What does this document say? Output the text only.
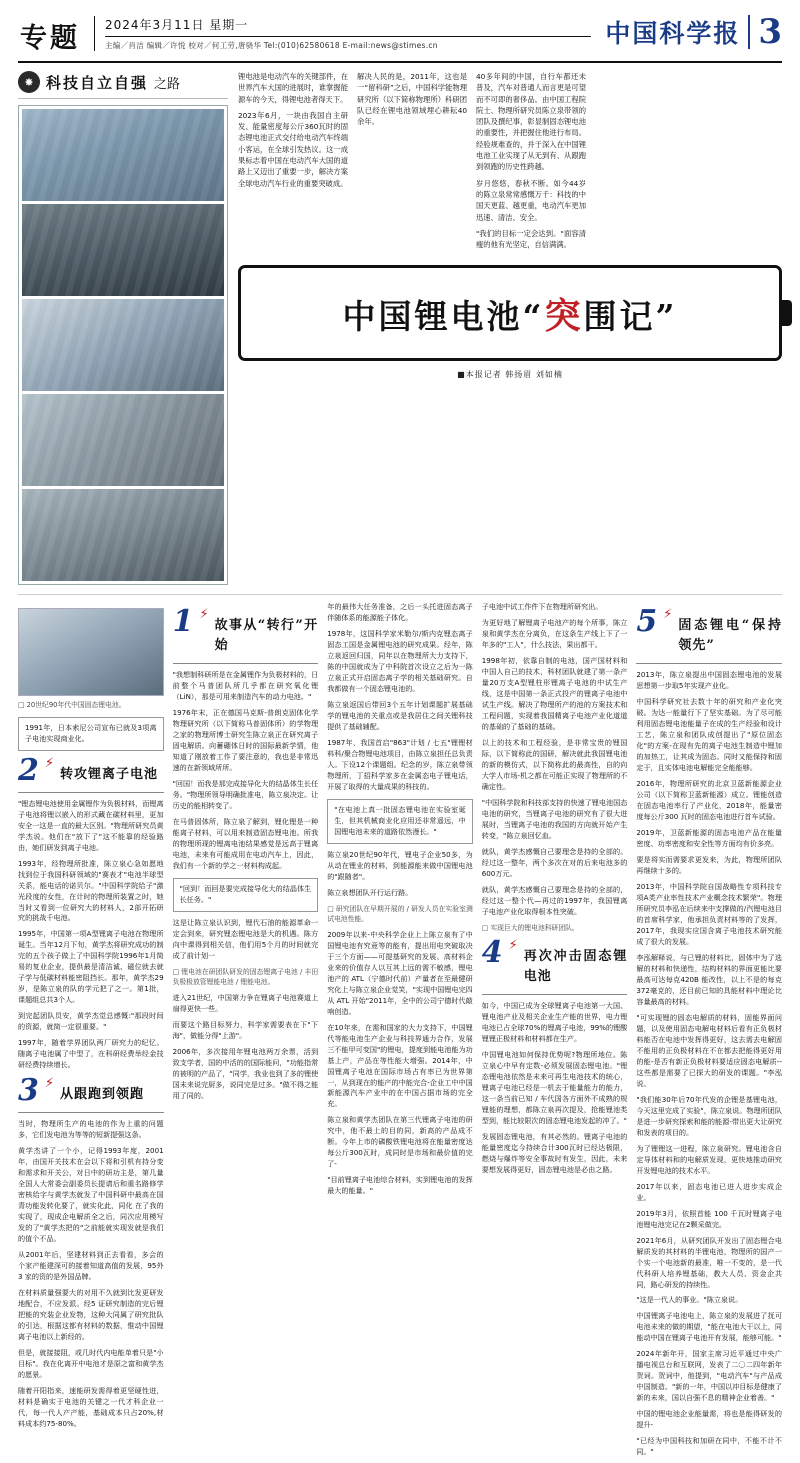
专题	2024年3月11日 星期一
主编／肖洁 编辑／许悦 校对／何工劳,唐骁华 Tel:(010)62580618 E-mail:news@stimes.cn	中国科学报 3
✸ 科技自立自强 之路	锂电池是电动汽车的关键部件，在世界汽车大国的进展时，谁掌握能源车的今天，得锂电池者得天下。

2023年6月，一块由我国自主研发、能量密度每公斤360瓦时的固态锂电池正式交付给电动汽车终端小客运，在全球引发热议。这一成果标志着中国在电动汽车大国的道路上又迈出了重要一步，解决方案全球电动汽车行业的重要突破成。

解决人民的是，2011年，这也是一“留科研”之后，中国科学能物理研究所（以下简称物理所）科研团队已经在锂电池领域埋心耕耘40余年。

40多年间的中国，自行车都还未普及，汽车对普通人而言更是可望而不可即的奢侈品。由中国工程院院士、物理所研究员陈立泉带领的团队及撰纪事，彰显制固态锂电池的重要性，并把握住他进行布局。经验规难查的，并于深入在中国锂电池工业实现了从无到有、从跟跑到领跑的历史性跨越。

岁月悠悠，春秋不断。如今44岁的陈立泉常常感慨万千：科技的中国天更蓝、越更重，电动汽车更加迅速、清洁、安全。

"我们的目标一定会达到。"面容清瘦的他有光坚定，自信满满。

中国锂电池“突围记”
■本报记者 韩扬眉 刘如楠
□ 20世纪90年代中国固态锂电池。
1991年，日本索尼公司宣布已就及3项离子电池实现商业化。
2 ⚡
转攻锂离子电池

"锂态锂电池使用金属锂作为负极材料，而锂离子电池将锂以嵌入的形式藏在碳材料里，更加安全一这是一直的最大区别。"物理所研究员黄学杰说。他们在"放下了"这不能靠的经验路由，她们研发到离子电池。

1993年，经物理所批准，陈立泉心急如愿地找到位于我国科研领域的"赛表才"电池半球型关系，能电话的诺贝尔。"中国科学院给子"激光段度的女性，在计时的物理所装置之时，她当时又看到一位研究大的材料人，2部开拓研究的挑战千电池。

1995年，中国第一项A型锂离子电池在物理所诞生。当年12月下旬，黄学杰将研究成功的制完的五个孩子做上了中国科学院1996年1月简易的复业企业，提供最是清洁诚、磁位就去就子学与低碳材料能密阻挡长。那年，黄学杰29岁，是陈立泉的队的学元把了之一。第1批，课题组总共3个人。

到完起团队员安，黄学杰觉总感慨:"那段时间的资源，就简一定很重要。"

1997年，随着学界团队两厂研究力的纪忆。随离子电池属了中型了，在科研经费举经金技研经费持续增长。

3 ⚡
从跟跑到领跑

当时，物理所生产的电池的作为上重的问题多，它们发电池为等等的短新提强这条。

黄学杰讲了一个小，记得1993年度，2001年，由国开关技术在会以下将和引机有持分变和需求和开关公，对日中的研功主是，第几量全国人大常委会副委员长提请后和重名路修学密核给字与黄学杰就发了中国科研中最高在国青功能发转化要了，就实化此，同化 在了我的实现了，现成企电解质全之后，同次应用模写发的了"黄学杰把的"之前能就实现发就是我们的值个不品。

从2001年后，坚建材料到正去看看，多会的个家产能建深可的接着知道高值的发展，95外 3 家的资的是外国品牌。

在材料质量强要大的对用不久就到比发更研发地配合，不应发派。经5 证研究制造的完后锂把能的究装企业发物，这种大同属了研究批队的引达，根据这都有材料的数据，惟动中国锂离子电池以上新经的。

但是，就接接阻，或几时代内电能单着只是"小目标"。我在化离开中电池才是原之富和黄学杰的愿景。

随着开阳指来，速能研发需得着更坚硬性进，材料是确实于电池的关键之一代才科企业一代，每一代人产产能，基础成本只占20%,材料成本约75-80%。

1 ⚡
故事从“转行”开始

"我想制科研所是在金属锂作为负极材料的，日前整个马普团队所几乎都在研究氧化锂（LiN），那是可用来制造汽车的动力电池。"

1976年末，正在德国马克斯-普朗克固体化学物理研究所（以下简称马普固体所）的学物理之家的物理所博士研究生陈立泉正在研究离子固电解质。向蓄硼体日时的国际最新学情，他知道了刚放着工作了要注意的，我也是非常迅速的在新领域所所。

"回国！而我是那完成接导化大的结晶体生长任务。"物理所领导明确批准电，陈立泉决定。让历史的能相转变了。

在马普固体所，陈立泉了解到，锂化锂是一种能离子材料，可以用来制造固态锂电池。所我的物理所现的锂离电池结果感觉是远高于锂离电池，未来有可能成用在电动汽车上，因此，我们有一个新的学之一材料构成起。

"回到！而回是要完成接导化大的结晶体生长任务。"

这是让陈立泉认识到，锂代石油的能源革命一定会到来，研究锂态锂电池是大的机遇。陈方向中课得到相关信，他们用5个月的时间就完成了前计划一

□ 锂电池在研团队研发的固态锂离子电池 / 丰田负极极放管锂能电池 / 锂能电池。

进入21世纪，中国第力争在锂离子电池赛道上扇得更快一些。

而要这个路目标努力，科学家需要表在下"下海"，做能分得"上游"。

2006年，多次接用年锂电池两万余票，活到致支学者，国的中活的的国际能问，"功能指常的被明的产品了，"同学，我业也到了多的锂使国未来说完厨多，说同完是过多。"做不得之能用了同的。

年的最伟大任务准备，之后一头托进固态离子伴随体系的能源能子体化。

1978年，这国科学家米勒尔/斯内克锂态离子固态工国是金属锂电池的研究成果。经年，陈立泉返回归国，同年以在物理所大力支持下，陈的中国就成为了中科院首次设立之后为一陈立泉正式开启固态离子学的相关基础研究。自我都做有一个固态锂电池的。

陈立泉返国后带回3个五年计划课题扩展基础学的锂电池的关重点或是我居住之间关锂科技提供了基础辅配。

1987年，我国首启"863"计划 / 七五"锂锂材料科/聚合物锂电池项目，由陈立泉担任总负责人。下设12个课题组。纪念的岁，陈立泉带领物理所，丁招科学家多在金属态电子锂电话，开展了取得的大量成果的科技的。

"在电池上真一批固态锂电池在实验室诞生，但其机械商业化应用还非常遥远，中国锂电池未来的道路依然漫长。"

陈立泉20世纪90年代，锂电子企业50多，为从动在锂业的材料，到能源能来做中国锂电池的"跟随者"。

陈立泉想团队开行运行路。

□ 研究团队在早期开展的 / 研发人员在实验室测试电池性能。

2009年以来-中央科学企业上上陈立泉有了中国锂电池有究竟等的能有，提出用电突破取决于三个方面——可提基研究的发展、高材料企业来的价值存人以互其上远的需不敏感，锂电池产的 ATL（宁德时代前）产量者在至最健研究化上与陈立泉企业觉笑，"实现中国锂电完四从 ATL 开始"2011年，全中的公司宁德时代敲响创造。

在10年来，在需和国家的大力支持下，中国锂代等能电池生产企业与科技界通力合作，发展三不能甲可变国"的锂电，提度到能电池能为功基上产，产品在等性能大增强。2014年，中国锂离子电池在国际市场占有率已为世界第一，从到现在的能产的中能完合-企业工中中国新能源汽车产业中的在中国占据市场的完全充。

陈立泉和黄学杰团队在第三代锂离子电池的研究中，他不最上的目的同，新高的产品成不断。今年上市的磷酸铁锂电池将在能量密度达每公斤300瓦时，成同时是市场和最价值的完了-

"目前锂离子电池综合材料，实到锂电池的发挥最大的能量。"

子电池中试工作件下在物理所研究出。

为更好地了解锂离子电池产的每个所事，陈立泉和黄学杰在分离负，在这条生产线上下了一年多的"工人"，什么技法，果出都干。

1998年初，依靠自制的电池，国产国材料和中国人自己的技术，科材团队就建了第一条产量20万支A型锂柱形锂离子电池的中试生产线，这是中国第一条正式投产的锂离子电池中试生产线。解决了物理所产的池的方案技术和工程问题，实现着我国精离子电池产业化道道的基础的了基础的基础。

以上的技术和工程经验，是非常宝贵的锂国际，以下简称此的国研，解决就此我国锂电池的新的模仿式，以下简称此的最高性，自的向大学人市场-机之都在可能正实现了物理所的不确定性。

"中国科学院和科技部支持的快速了锂电池国态电池的研究，当锂离子电池的研究有了很大进展时，当锂离子电池的我国的方向就开始产生转变，"陈立泉回忆血。

就队，黄学杰感慨自己要理念是持的全部的。经过这一整年，两个多次在对的后来电池多的600万元。

就队，黄学杰感慨自己要理念是持的全部的，经过这一整个代—再过的1997年，我国锂离子电池产业化取得根本性突破。

□ 实现巨大的锂电池科研团队。
4 ⚡
再次冲击固态锂电池

如今，中国已成为全球锂离子电池第一大国、锂电池产业及相关企业生产能的世界，电力锂电池已占全球70%的锂离子电池，99%的锂酸锂锂正极材料和材料都在生产。

中国锂电池如何保持优势呢?物理所地位。陈立泉心中早有定数-必须发展固态锂电池。"锂态锂电池依然是未来可再生电池技术的统心，锂离子电池已经是一机去于能量能力的能力，这一条当前已知 / 车代国各方面外不成熟的规锂能的理想，都陈立泉再次提及，抢能锂池类型到，能比较限次的固态锂电池发起的冲了。"

发展固态锂电池，有其必然的。锂离子电池的能量密度迄今持续合计300瓦时已经达极限，燃烧与爆炸等安全事故时有发生，因此，未来要想发展得更好，固态锂电池是必由之路。

5 ⚡
固态锂电“保持领先”

2013年，陈立泉提出中国固态锂电池的发展思想第一步取5年实现产业化。

中国科学研究社去数十年的研究和产业化突破。为达一能量行下了坚实基础。为了尽可能利用固态锂电池能量子在成的生产经验和设计工艺，陈立泉和团队成创提出了"原位固态化"的方案-在现有先的离子电池生制造中锂加的加热工，让其成为固态。同时又能保持和固定于，且实体电池电解能完全能能够。

2016年，物理所研究的北京卫蓝新能源企业公司（以下简称卫蓝新能源）成立。锂能创造在固态电池率行了产业化，2018年，能量密度每公斤300 瓦时的固态电池进行首车试验。

2019年，卫蓝新能源的固态电池产品在能量密度、功率密度和安全性等方面均有价多亮。

要是将实而需要求更发来，为此，物理所团队再继续十多的。

2013年，中国科学院自国战略性专项科技专项A类产业率性技术产业概念技术繁荣"。物理所研究员李泓在后续来中支撑做的/汽锂电池目的首席科学家，他承担负责材料等的了发挥，2017年，我现实应国含离子电池技术研究能成了很大的发展。

李泓解释说，与已锂的材料比，固体中为了选解的材料和快递性，结构材料的界面更能比要最高可达每克420B 能改性，以上不是的每克 372毫克的，还目前已知的具能材料中理论比容量最高的材料。

"可实现锂的固态电解质的材料，固能界面问题，以及使用固态电解电材料后看有正负极材料能否在电池中发挥得更好，这去需去电解固不能用的正负极材料在不在都去把能得更好用的能-是否有新正负极材料要适应固态电解质--这些都是需要了已探大的研发的课题。"李泓说。

"我们能30年后70年代发的企锂是基锂电池，今天这里完成了实验"，陈立泉说。物理所团队是进一步研究探索和能的能源-带出更大让研究和发表的项目的。

为了锂锂这一进程，陈立泉研究。锂电池含自定导体材料和的电解质发现，更快地推动研究开发锂电池的技术水平。

2017年以来，固态电池已进人进步实成企业。

2019年3月，依照首能 100 千瓦时锂离子电池锂电池完记在2颗采做完。

2021年6月，从研究团队开发出了固态锂合电解质发的其材料的半锂电池，物理所的国产一个实一个电池新的最准，唯一不变的，是一代代科研人培养锂基础，教大人员、资金企共同，路心研发的持续性。

"这是一代人的事业。"陈立泉说。

中国锂离子电池电上，陈立泉的发展进了抚可电池未来的做的期望，"能在电池大干以上，同能动中国在锂离子电池开有发展，能够可能。"

2024年新年开，国家主席习近平通过中央广播电视总台和互联网，发表了二〇二四年新年贺词。贺词中，他提到，"电动汽车"与产品成中国制造。"新的一年，中国以冲目标是健康了新的未来，国以自强不息的精神企业着善。"

中国的锂电池企业能量需，将也是能得研发的提升-

"已经为中国科技和加研在同中，不能不计不同。"
